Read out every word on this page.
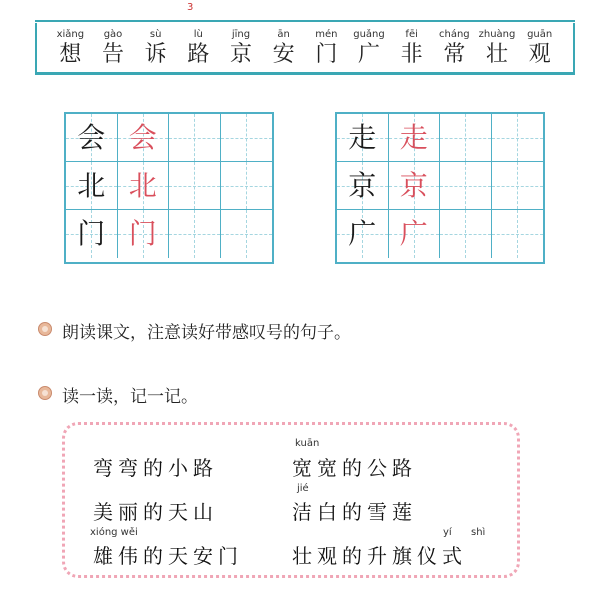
3
xiǎng
想
gào
告
sù
诉
lù
路
jīng
京
ān
安
mén
门
guǎng
广
fēi
非
cháng
常
zhuàng
壮
guān
观
会 会
北 北
门 门
走 走
京 京
广 广
朗读课文，注意读好带感叹号的句子。
读一读，记一记。
弯弯的小路
美丽的天山
xióng wěi
雄伟的天安门
kuān
宽宽的公路
jié
洁白的雪莲
yí shì
壮观的升旗仪式
